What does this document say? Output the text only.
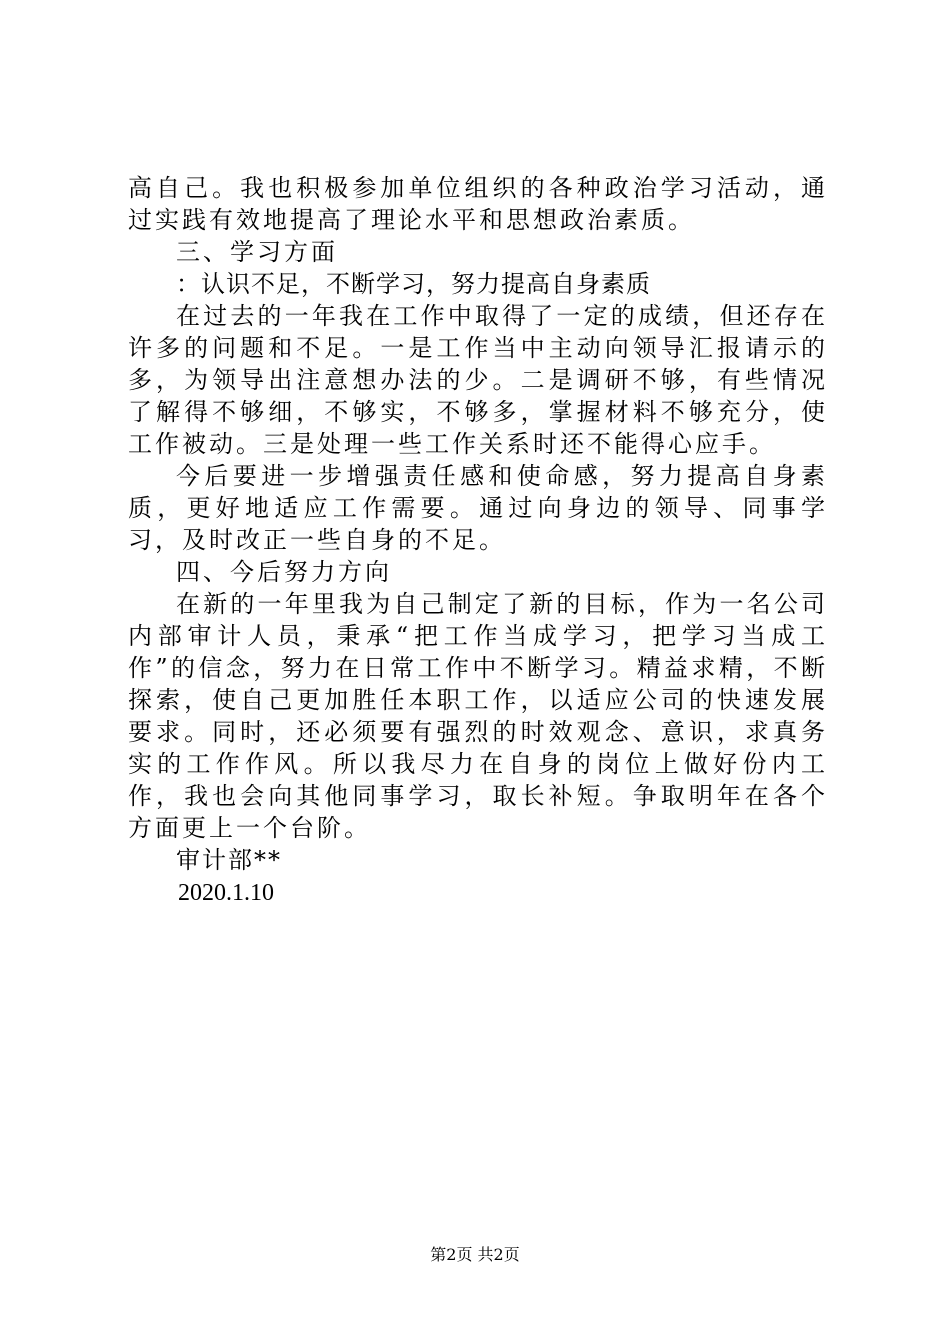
高自己。我也积极参加单位组织的各种政治学习活动，通过实践有效地提高了理论水平和思想政治素质。

三、学习方面

：认识不足，不断学习，努力提高自身素质

在过去的一年我在工作中取得了一定的成绩，但还存在许多的问题和不足。一是工作当中主动向领导汇报请示的多，为领导出注意想办法的少。二是调研不够，有些情况了解得不够细，不够实，不够多，掌握材料不够充分，使工作被动。三是处理一些工作关系时还不能得心应手。

今后要进一步增强责任感和使命感，努力提高自身素质，更好地适应工作需要。通过向身边的领导、同事学习，及时改正一些自身的不足。

四、今后努力方向

在新的一年里我为自己制定了新的目标，作为一名公司内部审计人员，秉承“把工作当成学习，把学习当成工作”的信念，努力在日常工作中不断学习。精益求精，不断探索，使自己更加胜任本职工作，以适应公司的快速发展要求。同时，还必须要有强烈的时效观念、意识，求真务实的工作作风。所以我尽力在自身的岗位上做好份内工作，我也会向其他同事学习，取长补短。争取明年在各个方面更上一个台阶。

审计部**

2020.1.10

第2页 共2页
